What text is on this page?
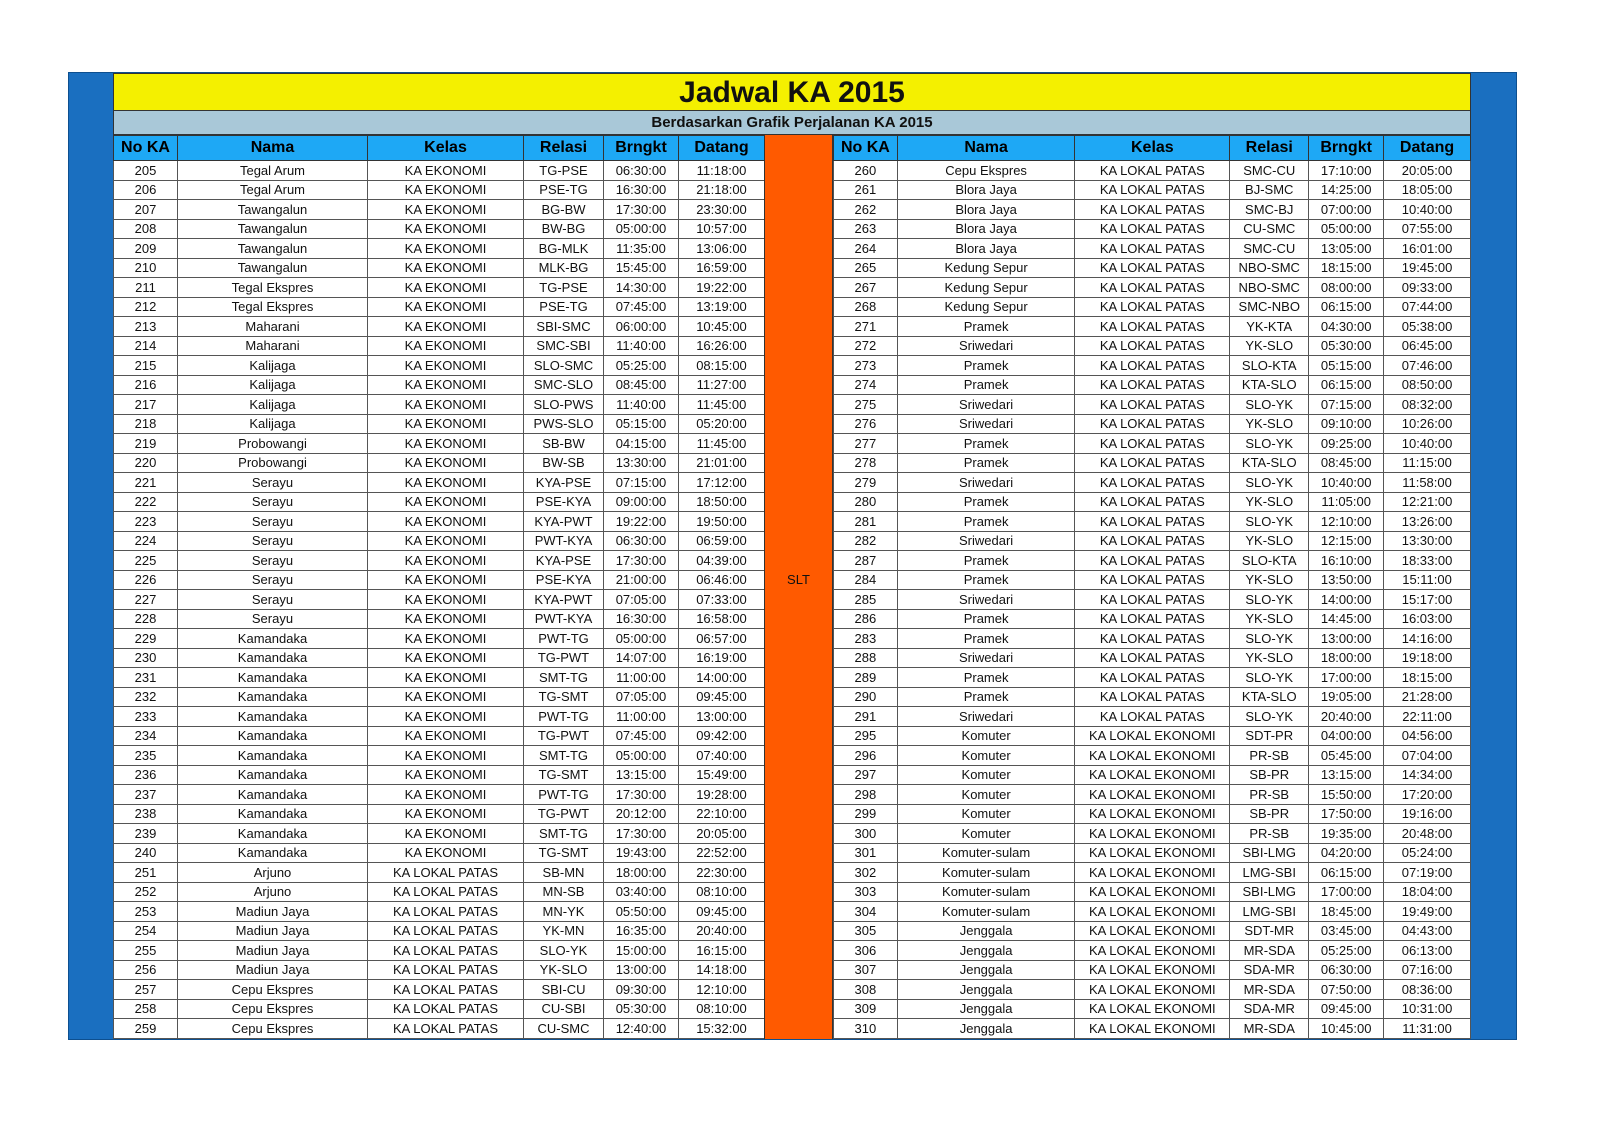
Jadwal KA 2015
Berdasarkan Grafik Perjalanan KA 2015
No KA	Nama	Kelas	Relasi	Brngkt	Datang
205	Tegal Arum	KA EKONOMI	TG-PSE	06:30:00	11:18:00
206	Tegal Arum	KA EKONOMI	PSE-TG	16:30:00	21:18:00
207	Tawangalun	KA EKONOMI	BG-BW	17:30:00	23:30:00
208	Tawangalun	KA EKONOMI	BW-BG	05:00:00	10:57:00
209	Tawangalun	KA EKONOMI	BG-MLK	11:35:00	13:06:00
210	Tawangalun	KA EKONOMI	MLK-BG	15:45:00	16:59:00
211	Tegal Ekspres	KA EKONOMI	TG-PSE	14:30:00	19:22:00
212	Tegal Ekspres	KA EKONOMI	PSE-TG	07:45:00	13:19:00
213	Maharani	KA EKONOMI	SBI-SMC	06:00:00	10:45:00
214	Maharani	KA EKONOMI	SMC-SBI	11:40:00	16:26:00
215	Kalijaga	KA EKONOMI	SLO-SMC	05:25:00	08:15:00
216	Kalijaga	KA EKONOMI	SMC-SLO	08:45:00	11:27:00
217	Kalijaga	KA EKONOMI	SLO-PWS	11:40:00	11:45:00
218	Kalijaga	KA EKONOMI	PWS-SLO	05:15:00	05:20:00
219	Probowangi	KA EKONOMI	SB-BW	04:15:00	11:45:00
220	Probowangi	KA EKONOMI	BW-SB	13:30:00	21:01:00
221	Serayu	KA EKONOMI	KYA-PSE	07:15:00	17:12:00
222	Serayu	KA EKONOMI	PSE-KYA	09:00:00	18:50:00
223	Serayu	KA EKONOMI	KYA-PWT	19:22:00	19:50:00
224	Serayu	KA EKONOMI	PWT-KYA	06:30:00	06:59:00
225	Serayu	KA EKONOMI	KYA-PSE	17:30:00	04:39:00
226	Serayu	KA EKONOMI	PSE-KYA	21:00:00	06:46:00
227	Serayu	KA EKONOMI	KYA-PWT	07:05:00	07:33:00
228	Serayu	KA EKONOMI	PWT-KYA	16:30:00	16:58:00
229	Kamandaka	KA EKONOMI	PWT-TG	05:00:00	06:57:00
230	Kamandaka	KA EKONOMI	TG-PWT	14:07:00	16:19:00
231	Kamandaka	KA EKONOMI	SMT-TG	11:00:00	14:00:00
232	Kamandaka	KA EKONOMI	TG-SMT	07:05:00	09:45:00
233	Kamandaka	KA EKONOMI	PWT-TG	11:00:00	13:00:00
234	Kamandaka	KA EKONOMI	TG-PWT	07:45:00	09:42:00
235	Kamandaka	KA EKONOMI	SMT-TG	05:00:00	07:40:00
236	Kamandaka	KA EKONOMI	TG-SMT	13:15:00	15:49:00
237	Kamandaka	KA EKONOMI	PWT-TG	17:30:00	19:28:00
238	Kamandaka	KA EKONOMI	TG-PWT	20:12:00	22:10:00
239	Kamandaka	KA EKONOMI	SMT-TG	17:30:00	20:05:00
240	Kamandaka	KA EKONOMI	TG-SMT	19:43:00	22:52:00
251	Arjuno	KA LOKAL PATAS	SB-MN	18:00:00	22:30:00
252	Arjuno	KA LOKAL PATAS	MN-SB	03:40:00	08:10:00
253	Madiun Jaya	KA LOKAL PATAS	MN-YK	05:50:00	09:45:00
254	Madiun Jaya	KA LOKAL PATAS	YK-MN	16:35:00	20:40:00
255	Madiun Jaya	KA LOKAL PATAS	SLO-YK	15:00:00	16:15:00
256	Madiun Jaya	KA LOKAL PATAS	YK-SLO	13:00:00	14:18:00
257	Cepu Ekspres	KA LOKAL PATAS	SBI-CU	09:30:00	12:10:00
258	Cepu Ekspres	KA LOKAL PATAS	CU-SBI	05:30:00	08:10:00
259	Cepu Ekspres	KA LOKAL PATAS	CU-SMC	12:40:00	15:32:00
SLT
No KA	Nama	Kelas	Relasi	Brngkt	Datang
260	Cepu Ekspres	KA LOKAL PATAS	SMC-CU	17:10:00	20:05:00
261	Blora Jaya	KA LOKAL PATAS	BJ-SMC	14:25:00	18:05:00
262	Blora Jaya	KA LOKAL PATAS	SMC-BJ	07:00:00	10:40:00
263	Blora Jaya	KA LOKAL PATAS	CU-SMC	05:00:00	07:55:00
264	Blora Jaya	KA LOKAL PATAS	SMC-CU	13:05:00	16:01:00
265	Kedung Sepur	KA LOKAL PATAS	NBO-SMC	18:15:00	19:45:00
267	Kedung Sepur	KA LOKAL PATAS	NBO-SMC	08:00:00	09:33:00
268	Kedung Sepur	KA LOKAL PATAS	SMC-NBO	06:15:00	07:44:00
271	Pramek	KA LOKAL PATAS	YK-KTA	04:30:00	05:38:00
272	Sriwedari	KA LOKAL PATAS	YK-SLO	05:30:00	06:45:00
273	Pramek	KA LOKAL PATAS	SLO-KTA	05:15:00	07:46:00
274	Pramek	KA LOKAL PATAS	KTA-SLO	06:15:00	08:50:00
275	Sriwedari	KA LOKAL PATAS	SLO-YK	07:15:00	08:32:00
276	Sriwedari	KA LOKAL PATAS	YK-SLO	09:10:00	10:26:00
277	Pramek	KA LOKAL PATAS	SLO-YK	09:25:00	10:40:00
278	Pramek	KA LOKAL PATAS	KTA-SLO	08:45:00	11:15:00
279	Sriwedari	KA LOKAL PATAS	SLO-YK	10:40:00	11:58:00
280	Pramek	KA LOKAL PATAS	YK-SLO	11:05:00	12:21:00
281	Pramek	KA LOKAL PATAS	SLO-YK	12:10:00	13:26:00
282	Sriwedari	KA LOKAL PATAS	YK-SLO	12:15:00	13:30:00
287	Pramek	KA LOKAL PATAS	SLO-KTA	16:10:00	18:33:00
284	Pramek	KA LOKAL PATAS	YK-SLO	13:50:00	15:11:00
285	Sriwedari	KA LOKAL PATAS	SLO-YK	14:00:00	15:17:00
286	Pramek	KA LOKAL PATAS	YK-SLO	14:45:00	16:03:00
283	Pramek	KA LOKAL PATAS	SLO-YK	13:00:00	14:16:00
288	Sriwedari	KA LOKAL PATAS	YK-SLO	18:00:00	19:18:00
289	Pramek	KA LOKAL PATAS	SLO-YK	17:00:00	18:15:00
290	Pramek	KA LOKAL PATAS	KTA-SLO	19:05:00	21:28:00
291	Sriwedari	KA LOKAL PATAS	SLO-YK	20:40:00	22:11:00
295	Komuter	KA LOKAL EKONOMI	SDT-PR	04:00:00	04:56:00
296	Komuter	KA LOKAL EKONOMI	PR-SB	05:45:00	07:04:00
297	Komuter	KA LOKAL EKONOMI	SB-PR	13:15:00	14:34:00
298	Komuter	KA LOKAL EKONOMI	PR-SB	15:50:00	17:20:00
299	Komuter	KA LOKAL EKONOMI	SB-PR	17:50:00	19:16:00
300	Komuter	KA LOKAL EKONOMI	PR-SB	19:35:00	20:48:00
301	Komuter-sulam	KA LOKAL EKONOMI	SBI-LMG	04:20:00	05:24:00
302	Komuter-sulam	KA LOKAL EKONOMI	LMG-SBI	06:15:00	07:19:00
303	Komuter-sulam	KA LOKAL EKONOMI	SBI-LMG	17:00:00	18:04:00
304	Komuter-sulam	KA LOKAL EKONOMI	LMG-SBI	18:45:00	19:49:00
305	Jenggala	KA LOKAL EKONOMI	SDT-MR	03:45:00	04:43:00
306	Jenggala	KA LOKAL EKONOMI	MR-SDA	05:25:00	06:13:00
307	Jenggala	KA LOKAL EKONOMI	SDA-MR	06:30:00	07:16:00
308	Jenggala	KA LOKAL EKONOMI	MR-SDA	07:50:00	08:36:00
309	Jenggala	KA LOKAL EKONOMI	SDA-MR	09:45:00	10:31:00
310	Jenggala	KA LOKAL EKONOMI	MR-SDA	10:45:00	11:31:00
